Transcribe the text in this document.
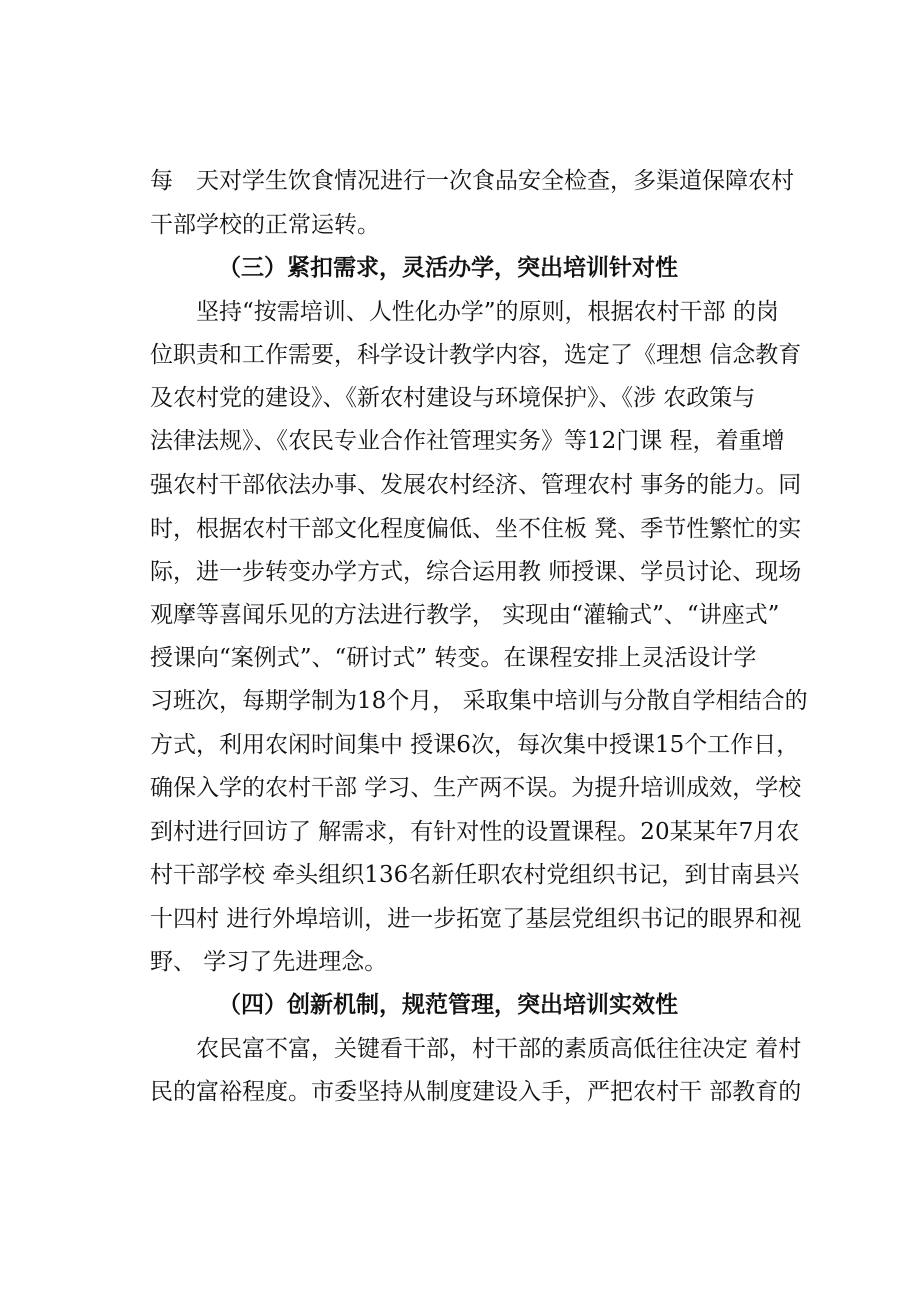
每　天对学生饮食情况进行一次食品安全检查，多渠道保障农村
干部学校的正常运转。
（三）紧扣需求，灵活办学，突出培训针对性
坚持“按需培训、人性化办学”的原则，根据农村干部 的岗
位职责和工作需要，科学设计教学内容，选定了《理想 信念教育
及农村党的建设》、《新农村建设与环境保护》、《涉 农政策与
法律法规》、《农民专业合作社管理实务》等12门课 程，着重增
强农村干部依法办事、发展农村经济、管理农村 事务的能力。同
时，根据农村干部文化程度偏低、坐不住板 凳、季节性繁忙的实
际，进一步转变办学方式，综合运用教 师授课、学员讨论、现场
观摩等喜闻乐见的方法进行教学， 实现由“灌输式”、“讲座式”
授课向“案例式”、“研讨式” 转变。在课程安排上灵活设计学
习班次，每期学制为18个月， 采取集中培训与分散自学相结合的
方式，利用农闲时间集中 授课6次，每次集中授课15个工作日，
确保入学的农村干部 学习、生产两不误。为提升培训成效，学校
到村进行回访了 解需求，有针对性的设置课程。20某某年7月农
村干部学校 牵头组织136名新任职农村党组织书记，到甘南县兴
十四村 进行外埠培训，进一步拓宽了基层党组织书记的眼界和视
野、 学习了先进理念。
（四）创新机制，规范管理，突出培训实效性
农民富不富，关键看干部，村干部的素质高低往往决定 着村
民的富裕程度。市委坚持从制度建设入手，严把农村干 部教育的
